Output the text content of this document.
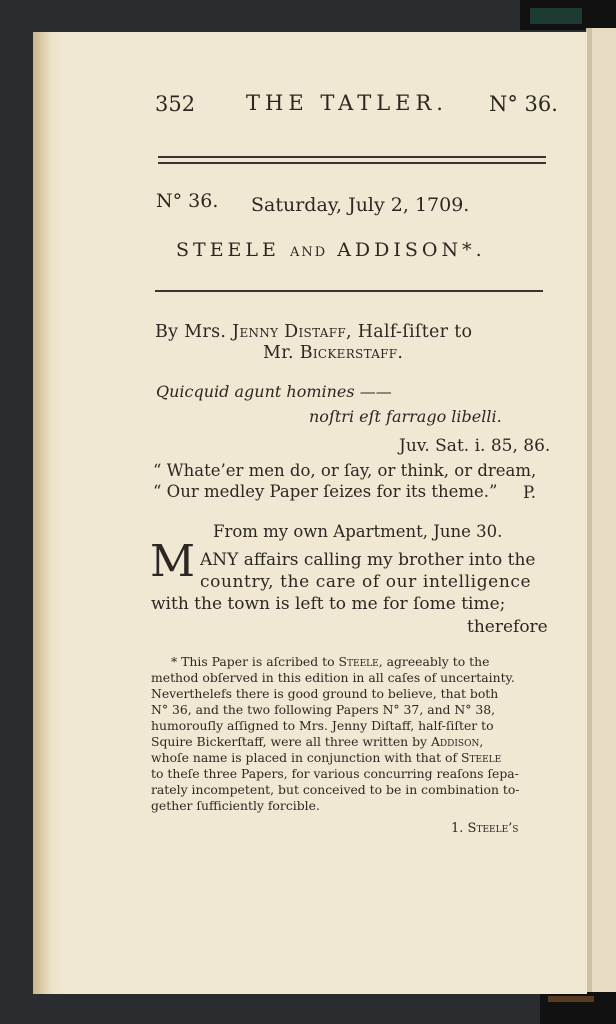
352 THE TATLER. N° 36.
N° 36. Saturday, July 2, 1709.
STEELE and ADDISON*.
By Mrs. Jenny Distaff, Half-ſiſter to
Mr. Bickerstaff.
Quicquid agunt homines ——
noſtri eſt farrago libelli.
Juv. Sat. i. 85, 86.
“ Whate’er men do, or ſay, or think, or dream,
“ Our medley Paper ſeizes for its theme.” P.
From my own Apartment, June 30.
M ANY affairs calling my brother into the
country, the care of our intelligence
with the town is left to me for ſome time;
therefore
* This Paper is aſcribed to Steele, agreeably to the
method obſerved in this edition in all caſes of uncertainty.
Neverthelefs there is good ground to believe, that both
N° 36, and the two following Papers N° 37, and N° 38,
humorouſly aſſigned to Mrs. Jenny Diſtaff, half-ſiſter to
Squire Bickerſtaff, were all three written by Addison,
whoſe name is placed in conjunction with that of Steele
to theſe three Papers, for various concurring reaſons ſepa-
rately incompetent, but conceived to be in combination to-
gether ſufficiently forcible.
1. Steele’s
